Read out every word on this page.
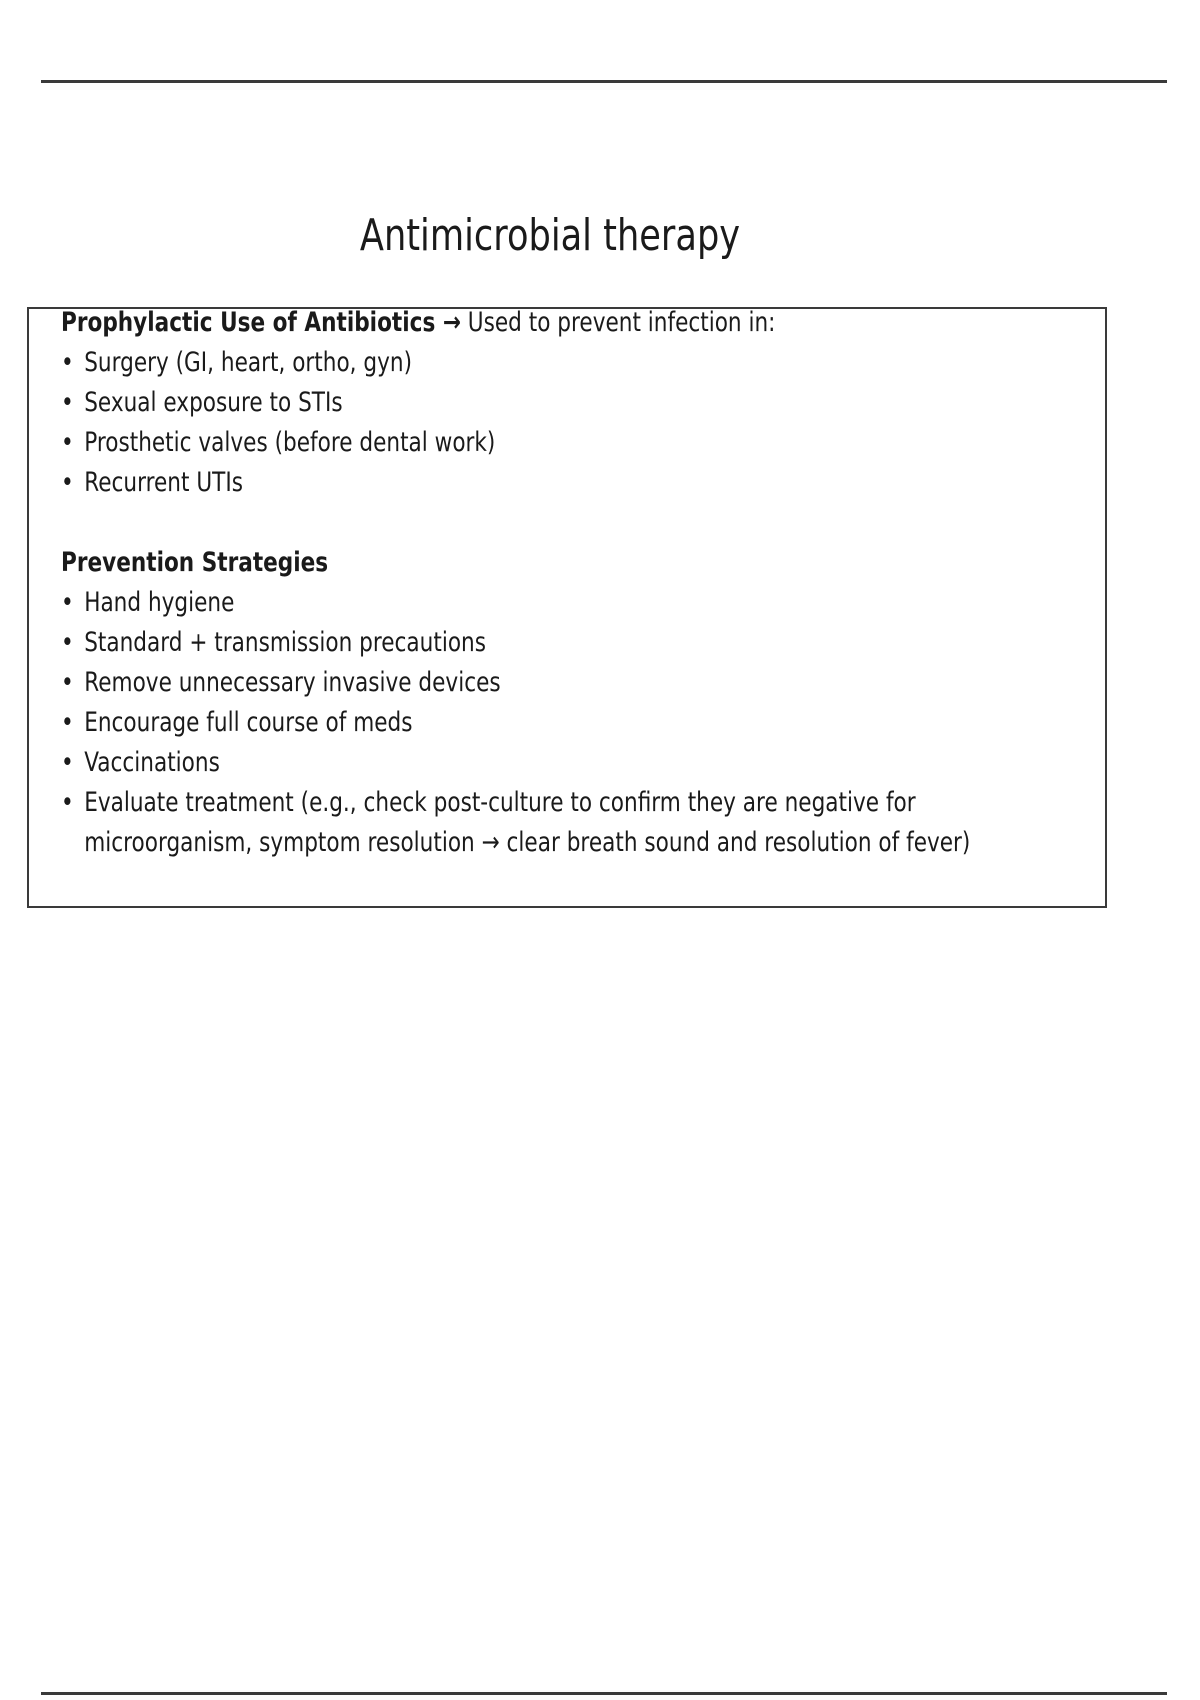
Antimicrobial therapy

Prophylactic Use of Antibiotics → Used to prevent infection in:

• Surgery (GI, heart, ortho, gyn)
• Sexual exposure to STIs
• Prosthetic valves (before dental work)
• Recurrent UTIs

Prevention Strategies

• Hand hygiene
• Standard + transmission precautions
• Remove unnecessary invasive devices
• Encourage full course of meds
• Vaccinations
• Evaluate treatment (e.g., check post-culture to confirm they are negative for microorganism, symptom resolution → clear breath sound and resolution of fever)
